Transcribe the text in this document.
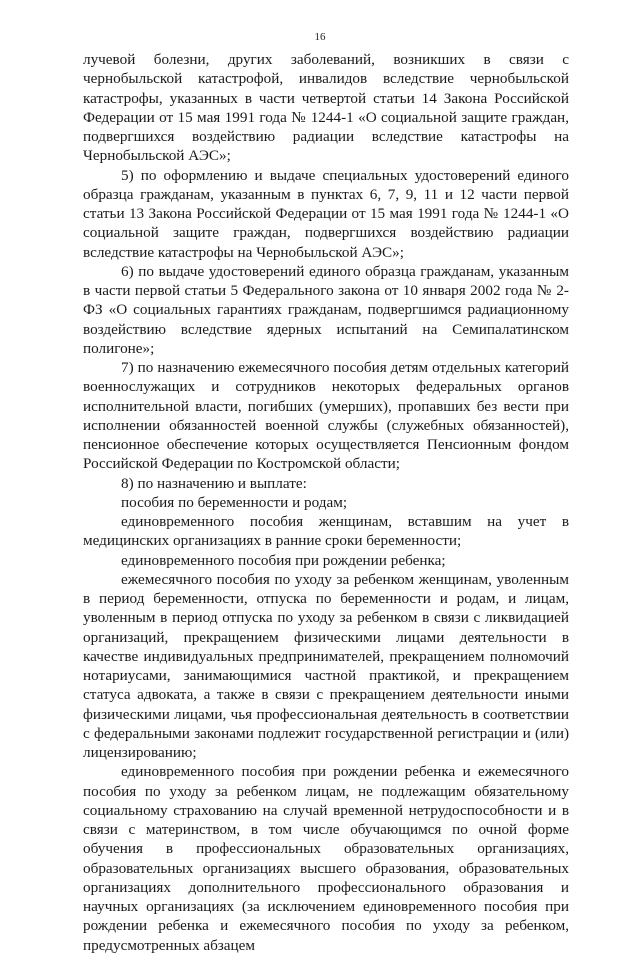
16

лучевой болезни, других заболеваний, возникших в связи с чернобыльской катастрофой, инвалидов вследствие чернобыльской катастрофы, указанных в части четвертой статьи 14 Закона Российской Федерации от 15 мая 1991 года № 1244-1 «О социальной защите граждан, подвергшихся воздействию радиации вследствие катастрофы на Чернобыльской АЭС»;

5) по оформлению и выдаче специальных удостоверений единого образца гражданам, указанным в пунктах 6, 7, 9, 11 и 12 части первой статьи 13 Закона Российской Федерации от 15 мая 1991 года № 1244-1 «О социальной защите граждан, подвергшихся воздействию радиации вследствие катастрофы на Чернобыльской АЭС»;

6) по выдаче удостоверений единого образца гражданам, указанным в части первой статьи 5 Федерального закона от 10 января 2002 года № 2-ФЗ «О социальных гарантиях гражданам, подвергшимся радиационному воздействию вследствие ядерных испытаний на Семипалатинском полигоне»;

7) по назначению ежемесячного пособия детям отдельных категорий военнослужащих и сотрудников некоторых федеральных органов исполнительной власти, погибших (умерших), пропавших без вести при исполнении обязанностей военной службы (служебных обязанностей), пенсионное обеспечение которых осуществляется Пенсионным фондом Российской Федерации по Костромской области;

8) по назначению и выплате:

пособия по беременности и родам;

единовременного пособия женщинам, вставшим на учет в медицинских организациях в ранние сроки беременности;

единовременного пособия при рождении ребенка;

ежемесячного пособия по уходу за ребенком женщинам, уволенным в период беременности, отпуска по беременности и родам, и лицам, уволенным в период отпуска по уходу за ребенком в связи с ликвидацией организаций, прекращением физическими лицами деятельности в качестве индивидуальных предпринимателей, прекращением полномочий нотариусами, занимающимися частной практикой, и прекращением статуса адвоката, а также в связи с прекращением деятельности иными физическими лицами, чья профессиональная деятельность в соответствии с федеральными законами подлежит государственной регистрации и (или) лицензированию;

единовременного пособия при рождении ребенка и ежемесячного пособия по уходу за ребенком лицам, не подлежащим обязательному социальному страхованию на случай временной нетрудоспособности и в связи с материнством, в том числе обучающимся по очной форме обучения в профессиональных образовательных организациях, образовательных организациях высшего образования, образовательных организациях дополнительного профессионального образования и научных организациях (за исключением единовременного пособия при рождении ребенка и ежемесячного пособия по уходу за ребенком, предусмотренных абзацем
